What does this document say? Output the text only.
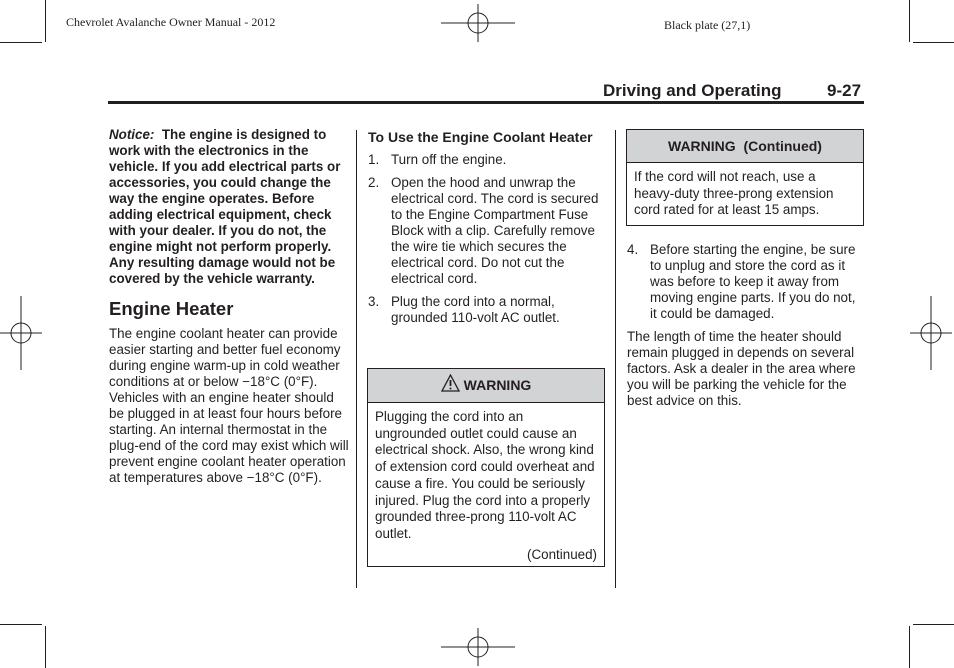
Chevrolet Avalanche Owner Manual - 2012	Black plate (27,1)
Driving and Operating	9-27

Notice: The engine is designed to work with the electronics in the vehicle. If you add electrical parts or accessories, you could change the way the engine operates. Before adding electrical equipment, check with your dealer. If you do not, the engine might not perform properly. Any resulting damage would not be covered by the vehicle warranty.

Engine Heater

The engine coolant heater can provide easier starting and better fuel economy during engine warm-up in cold weather conditions at or below −18°C (0°F). Vehicles with an engine heater should be plugged in at least four hours before starting. An internal thermostat in the plug-end of the cord may exist which will prevent engine coolant heater operation at temperatures above −18°C (0°F).

To Use the Engine Coolant Heater
1. Turn off the engine.
2. Open the hood and unwrap the electrical cord. The cord is secured to the Engine Compartment Fuse Block with a clip. Carefully remove the wire tie which secures the electrical cord. Do not cut the electrical cord.
3. Plug the cord into a normal, grounded 110-volt AC outlet.
WARNING

Plugging the cord into an ungrounded outlet could cause an electrical shock. Also, the wrong kind of extension cord could overheat and cause a fire. You could be seriously injured. Plug the cord into a properly grounded three-prong 110-volt AC outlet.

(Continued)

WARNING  (Continued)

If the cord will not reach, use a heavy-duty three-prong extension cord rated for at least 15 amps.

4. Before starting the engine, be sure to unplug and store the cord as it was before to keep it away from moving engine parts. If you do not, it could be damaged.

The length of time the heater should remain plugged in depends on several factors. Ask a dealer in the area where you will be parking the vehicle for the best advice on this.
